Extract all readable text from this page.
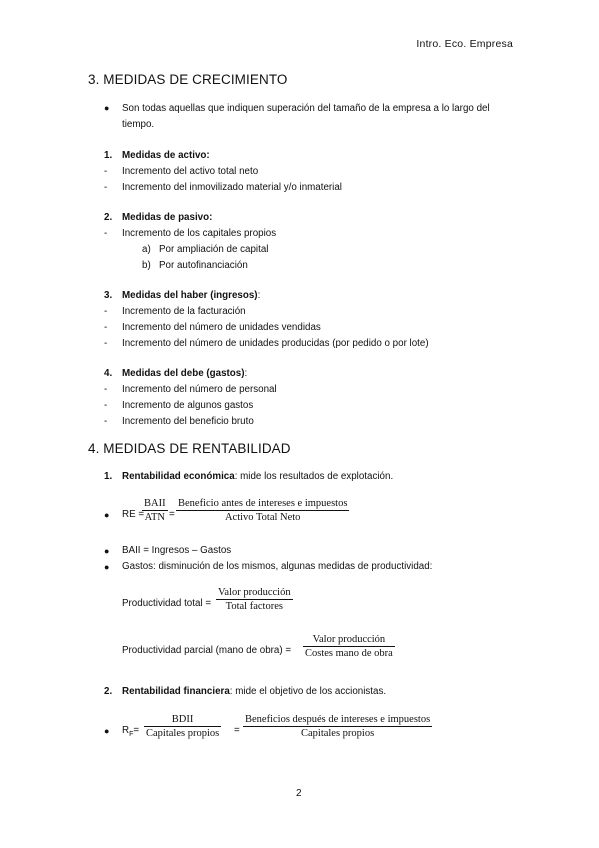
Intro. Eco. Empresa
3. MEDIDAS DE CRECIMIENTO
● Son todas aquellas que indiquen superación del tamaño de la empresa a lo largo del
tiempo.
1. Medidas de activo:
- Incremento del activo total neto
- Incremento del inmovilizado material y/o inmaterial
2. Medidas de pasivo:
- Incremento de los capitales propios
a) Por ampliación de capital
b) Por autofinanciación
3. Medidas del haber (ingresos):
- Incremento de la facturación
- Incremento del número de unidades vendidas
- Incremento del número de unidades producidas (por pedido o por lote)
4. Medidas del debe (gastos):
- Incremento del número de personal
- Incremento de algunos gastos
- Incremento del beneficio bruto
4. MEDIDAS DE RENTABILIDAD
1. Rentabilidad económica: mide los resultados de explotación.
● RE =
BAII
ATN =
Beneficio antes de intereses e impuestos
Activo Total Neto
● BAII = Ingresos – Gastos
● Gastos: disminución de los mismos, algunas medidas de productividad:
Productividad total =
Valor producción
Total factores
Productividad parcial (mano de obra) =
Valor producción
Costes mano de obra
2. Rentabilidad financiera: mide el objetivo de los accionistas.
● $R_F=$
BDII
Capitales propios =
Beneficios después de intereses e impuestos
Capitales propios
2
